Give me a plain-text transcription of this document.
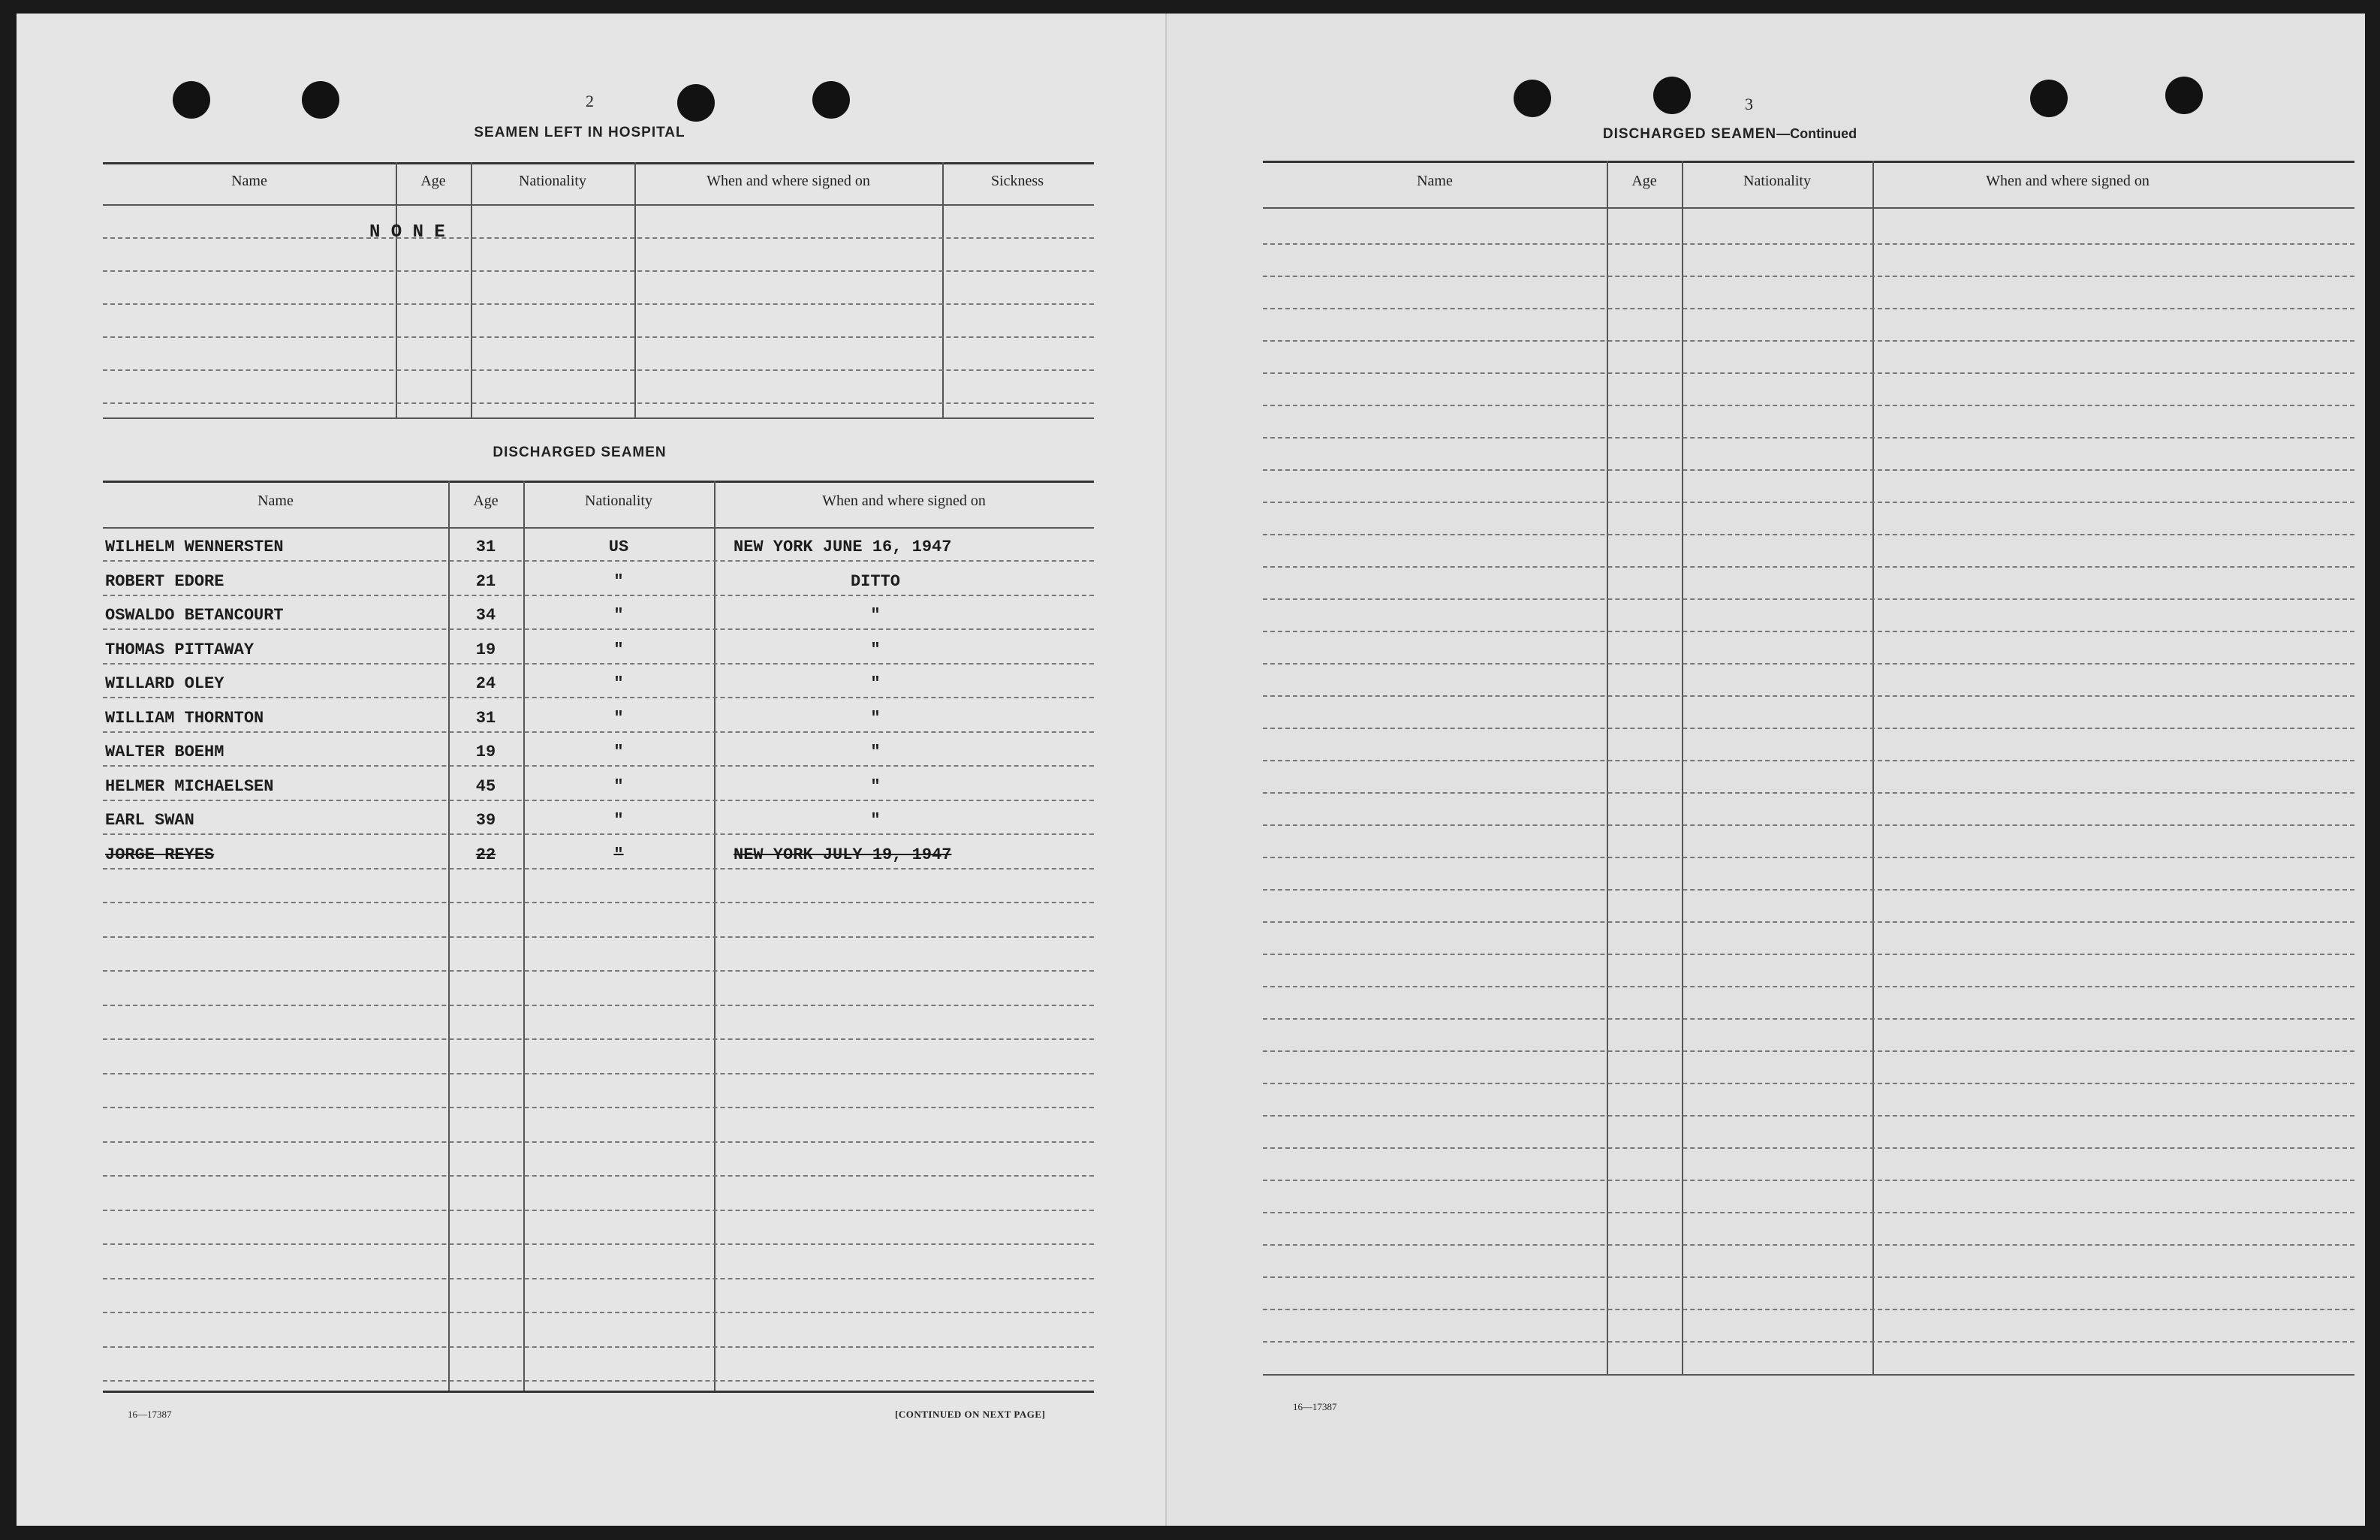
2
SEAMEN LEFT IN HOSPITAL
Name	Age	Nationality	When and where signed on	Sickness
N O N E
DISCHARGED SEAMEN
Name	Age	Nationality	When and where signed on
WILHELM WENNERSTEN	31	US	NEW YORK JUNE 16, 1947
ROBERT EDORE	21	"	DITTO
OSWALDO BETANCOURT	34	"	"
THOMAS PITTAWAY	19	"	"
WILLARD OLEY	24	"	"
WILLIAM THORNTON	31	"	"
WALTER BOEHM	19	"	"
HELMER MICHAELSEN	45	"	"
EARL SWAN	39	"	"
JORGE REYES	22	"	NEW YORK JULY 19, 1947
16—17387	[CONTINUED ON NEXT PAGE]
3
DISCHARGED SEAMEN—Continued
Name	Age	Nationality	When and where signed on
16—17387
